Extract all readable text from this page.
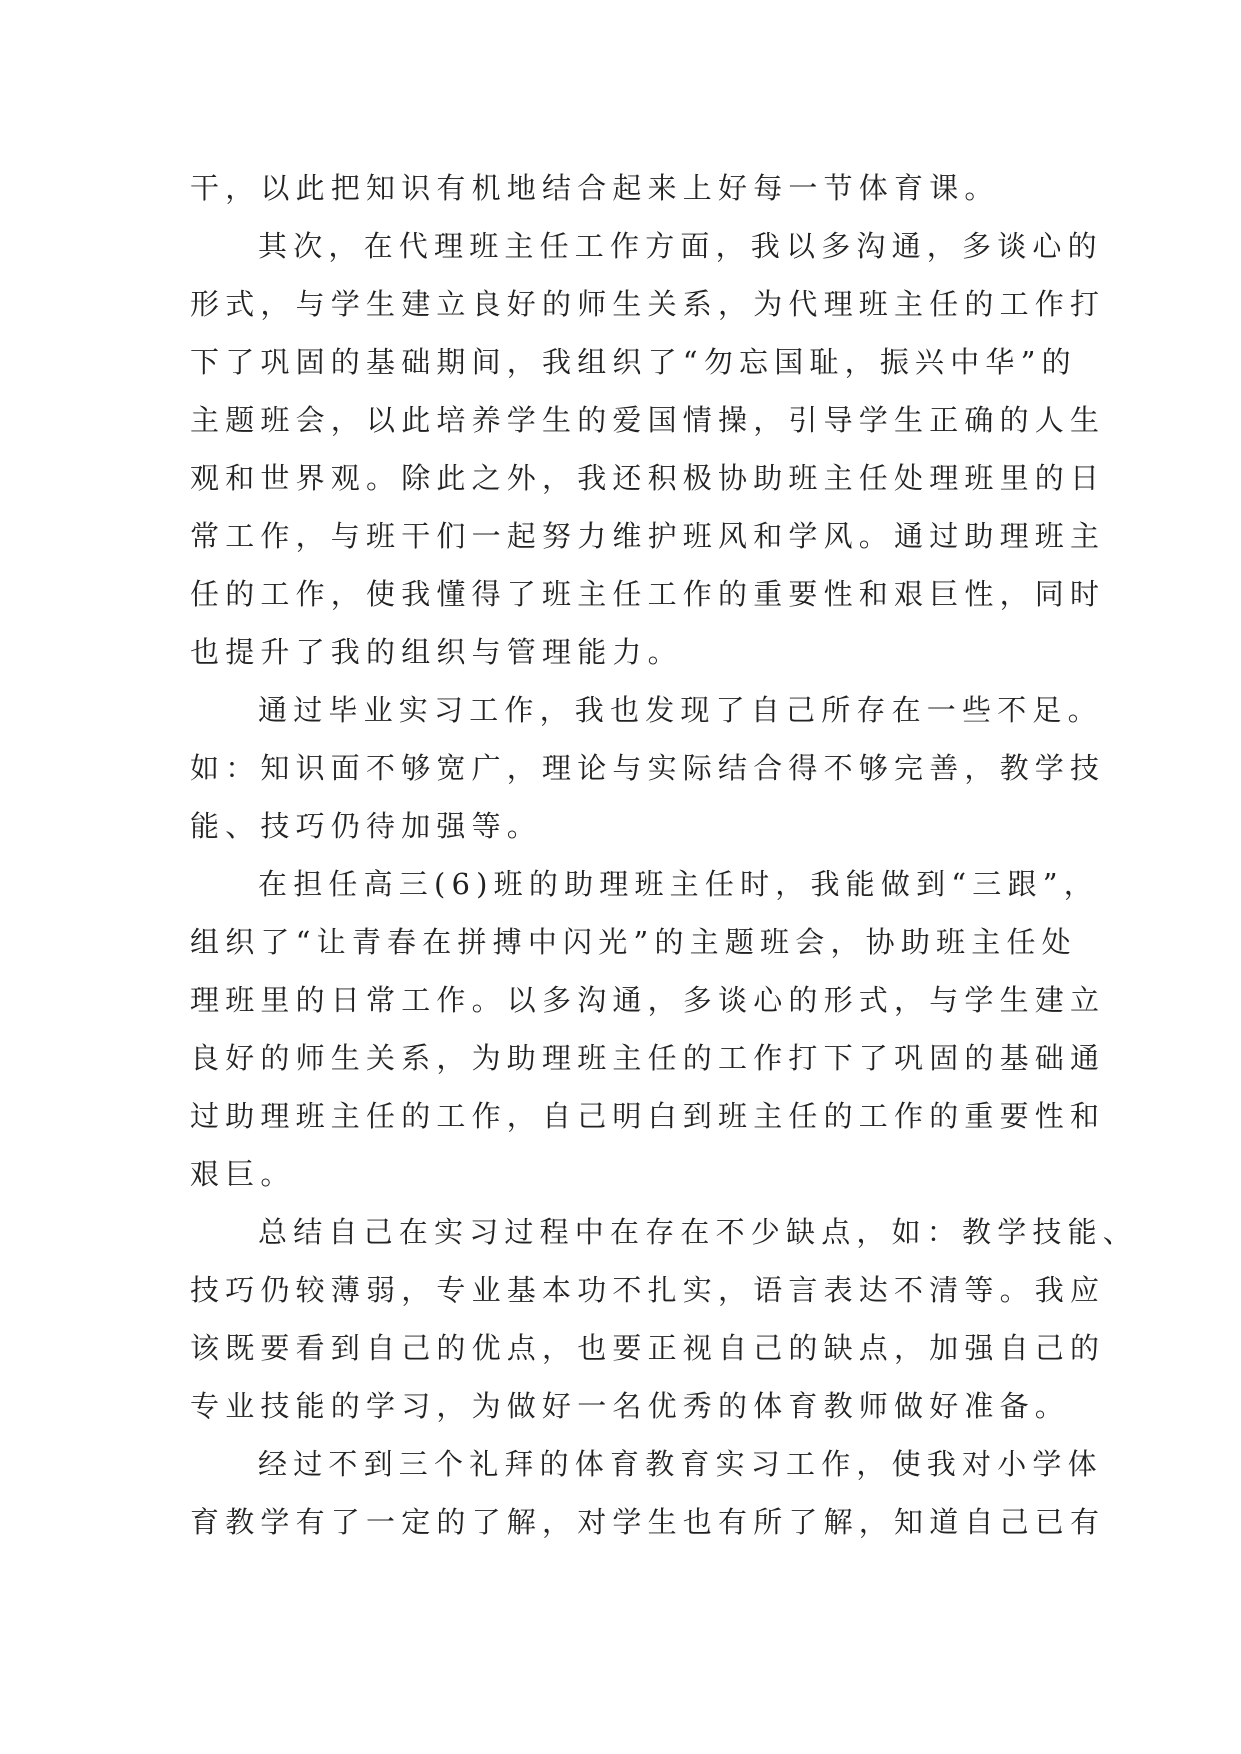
干，以此把知识有机地结合起来上好每一节体育课。
其次，在代理班主任工作方面，我以多沟通，多谈心的
形式，与学生建立良好的师生关系，为代理班主任的工作打
下了巩固的基础期间，我组织了“勿忘国耻，振兴中华”的
主题班会，以此培养学生的爱国情操，引导学生正确的人生
观和世界观。除此之外，我还积极协助班主任处理班里的日
常工作，与班干们一起努力维护班风和学风。通过助理班主
任的工作，使我懂得了班主任工作的重要性和艰巨性，同时
也提升了我的组织与管理能力。
通过毕业实习工作，我也发现了自己所存在一些不足。
如：知识面不够宽广，理论与实际结合得不够完善，教学技
能、技巧仍待加强等。
在担任高三(6)班的助理班主任时，我能做到“三跟”，
组织了“让青春在拼搏中闪光”的主题班会，协助班主任处
理班里的日常工作。以多沟通，多谈心的形式，与学生建立
良好的师生关系，为助理班主任的工作打下了巩固的基础通
过助理班主任的工作，自己明白到班主任的工作的重要性和
艰巨。
总结自己在实习过程中在存在不少缺点，如：教学技能、
技巧仍较薄弱，专业基本功不扎实，语言表达不清等。我应
该既要看到自己的优点，也要正视自己的缺点，加强自己的
专业技能的学习，为做好一名优秀的体育教师做好准备。
经过不到三个礼拜的体育教育实习工作，使我对小学体
育教学有了一定的了解，对学生也有所了解，知道自己已有
